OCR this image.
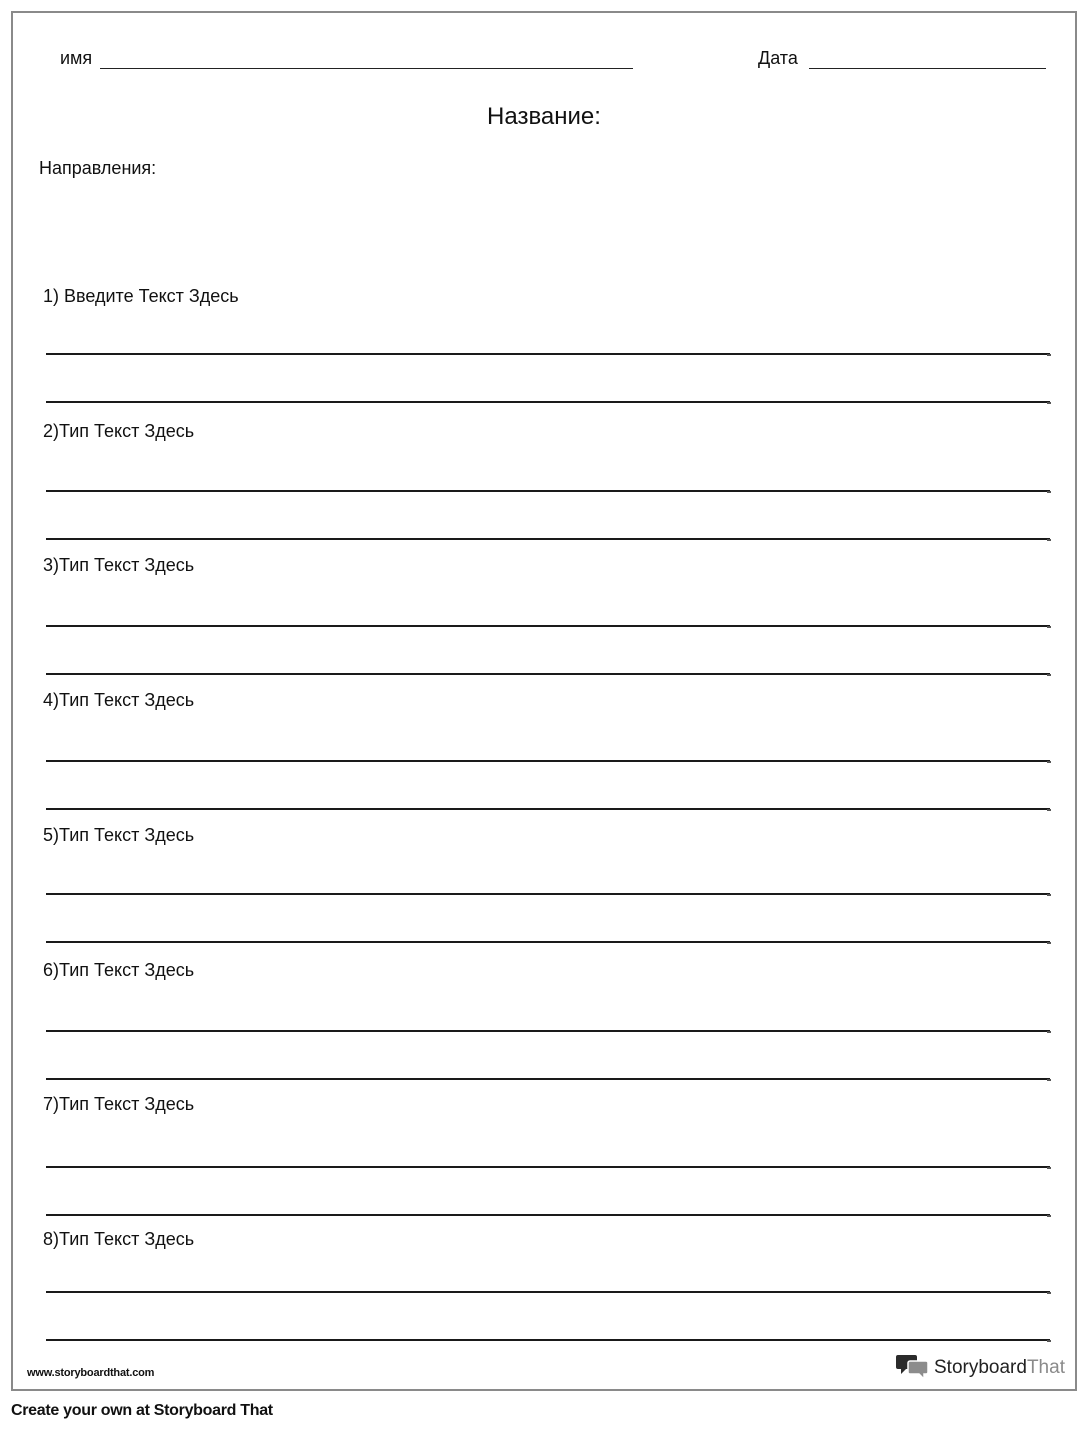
имя	Дата
Название:
Направления:
1) Введите Текст Здесь
2)Тип Текст Здесь
3)Тип Текст Здесь
4)Тип Текст Здесь
5)Тип Текст Здесь
6)Тип Текст Здесь
7)Тип Текст Здесь
8)Тип Текст Здесь
www.storyboardthat.com	StoryboardThat
Create your own at Storyboard That
